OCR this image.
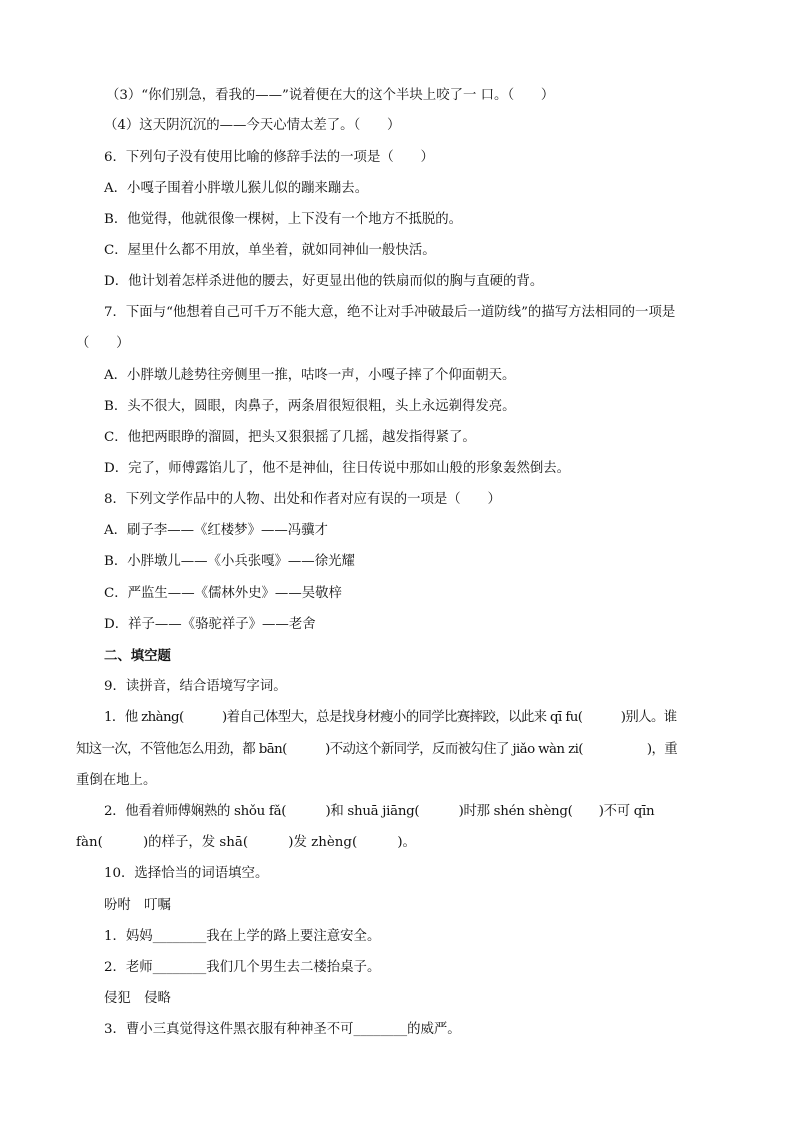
（3）“你们别急，看我的——”说着便在大的这个半块上咬了一 口。（　　）
（4）这天阴沉沉的——今天心情太差了。（　　）
6．下列句子没有使用比喻的修辞手法的一项是（　　）
A．小嘎子围着小胖墩儿猴儿似的蹦来蹦去。
B．他觉得，他就很像一棵树，上下没有一个地方不抵脱的。
C．屋里什么都不用放，单坐着，就如同神仙一般快活。
D．他计划着怎样杀进他的腰去，好更显出他的铁扇而似的胸与直硬的背。
7．下面与“他想着自己可千万不能大意，绝不让对手冲破最后一道防线”的描写方法相同的一项是
（　　）
A．小胖墩儿趁势往旁侧里一推，咕咚一声，小嘎子摔了个仰面朝天。
B．头不很大，圆眼，肉鼻子，两条眉很短很粗，头上永远剃得发亮。
C．他把两眼睁的溜圆，把头又狠狠摇了几摇，越发指得紧了。
D．完了，师傅露馅儿了，他不是神仙，往日传说中那如山般的形象轰然倒去。
8．下列文学作品中的人物、出处和作者对应有误的一项是（　　）
A．刷子李——《红楼梦》——冯骥才
B．小胖墩儿——《小兵张嘎》——徐光耀
C．严监生——《儒林外史》——吴敬梓
D．祥子——《骆驼祥子》——老舍
二、填空题
9．读拼音，结合语境写字词。
1．他 zhàng(　　　)着自己体型大，总是找身材瘦小的同学比赛摔跤，以此来 qī fu(　　　)别人。谁
知这一次，不管他怎么用劲，都 bān(　　　)不动这个新同学，反而被勾住了 jiǎo wàn zi(　　　　　)，重
重倒在地上。
2．他看着师傅娴熟的 shǒu fǎ(　　　)和 shuā jiāng(　　　)时那 shén shèng(　　)不可 qīn
fàn(　　　)的样子，发 shā(　　　)发 zhèng(　　　)。
10．选择恰当的词语填空。
吩咐　叮嘱
1．妈妈________我在上学的路上要注意安全。
2．老师________我们几个男生去二楼抬桌子。
侵犯　侵略
3．曹小三真觉得这件黑衣服有种神圣不可________的威严。
